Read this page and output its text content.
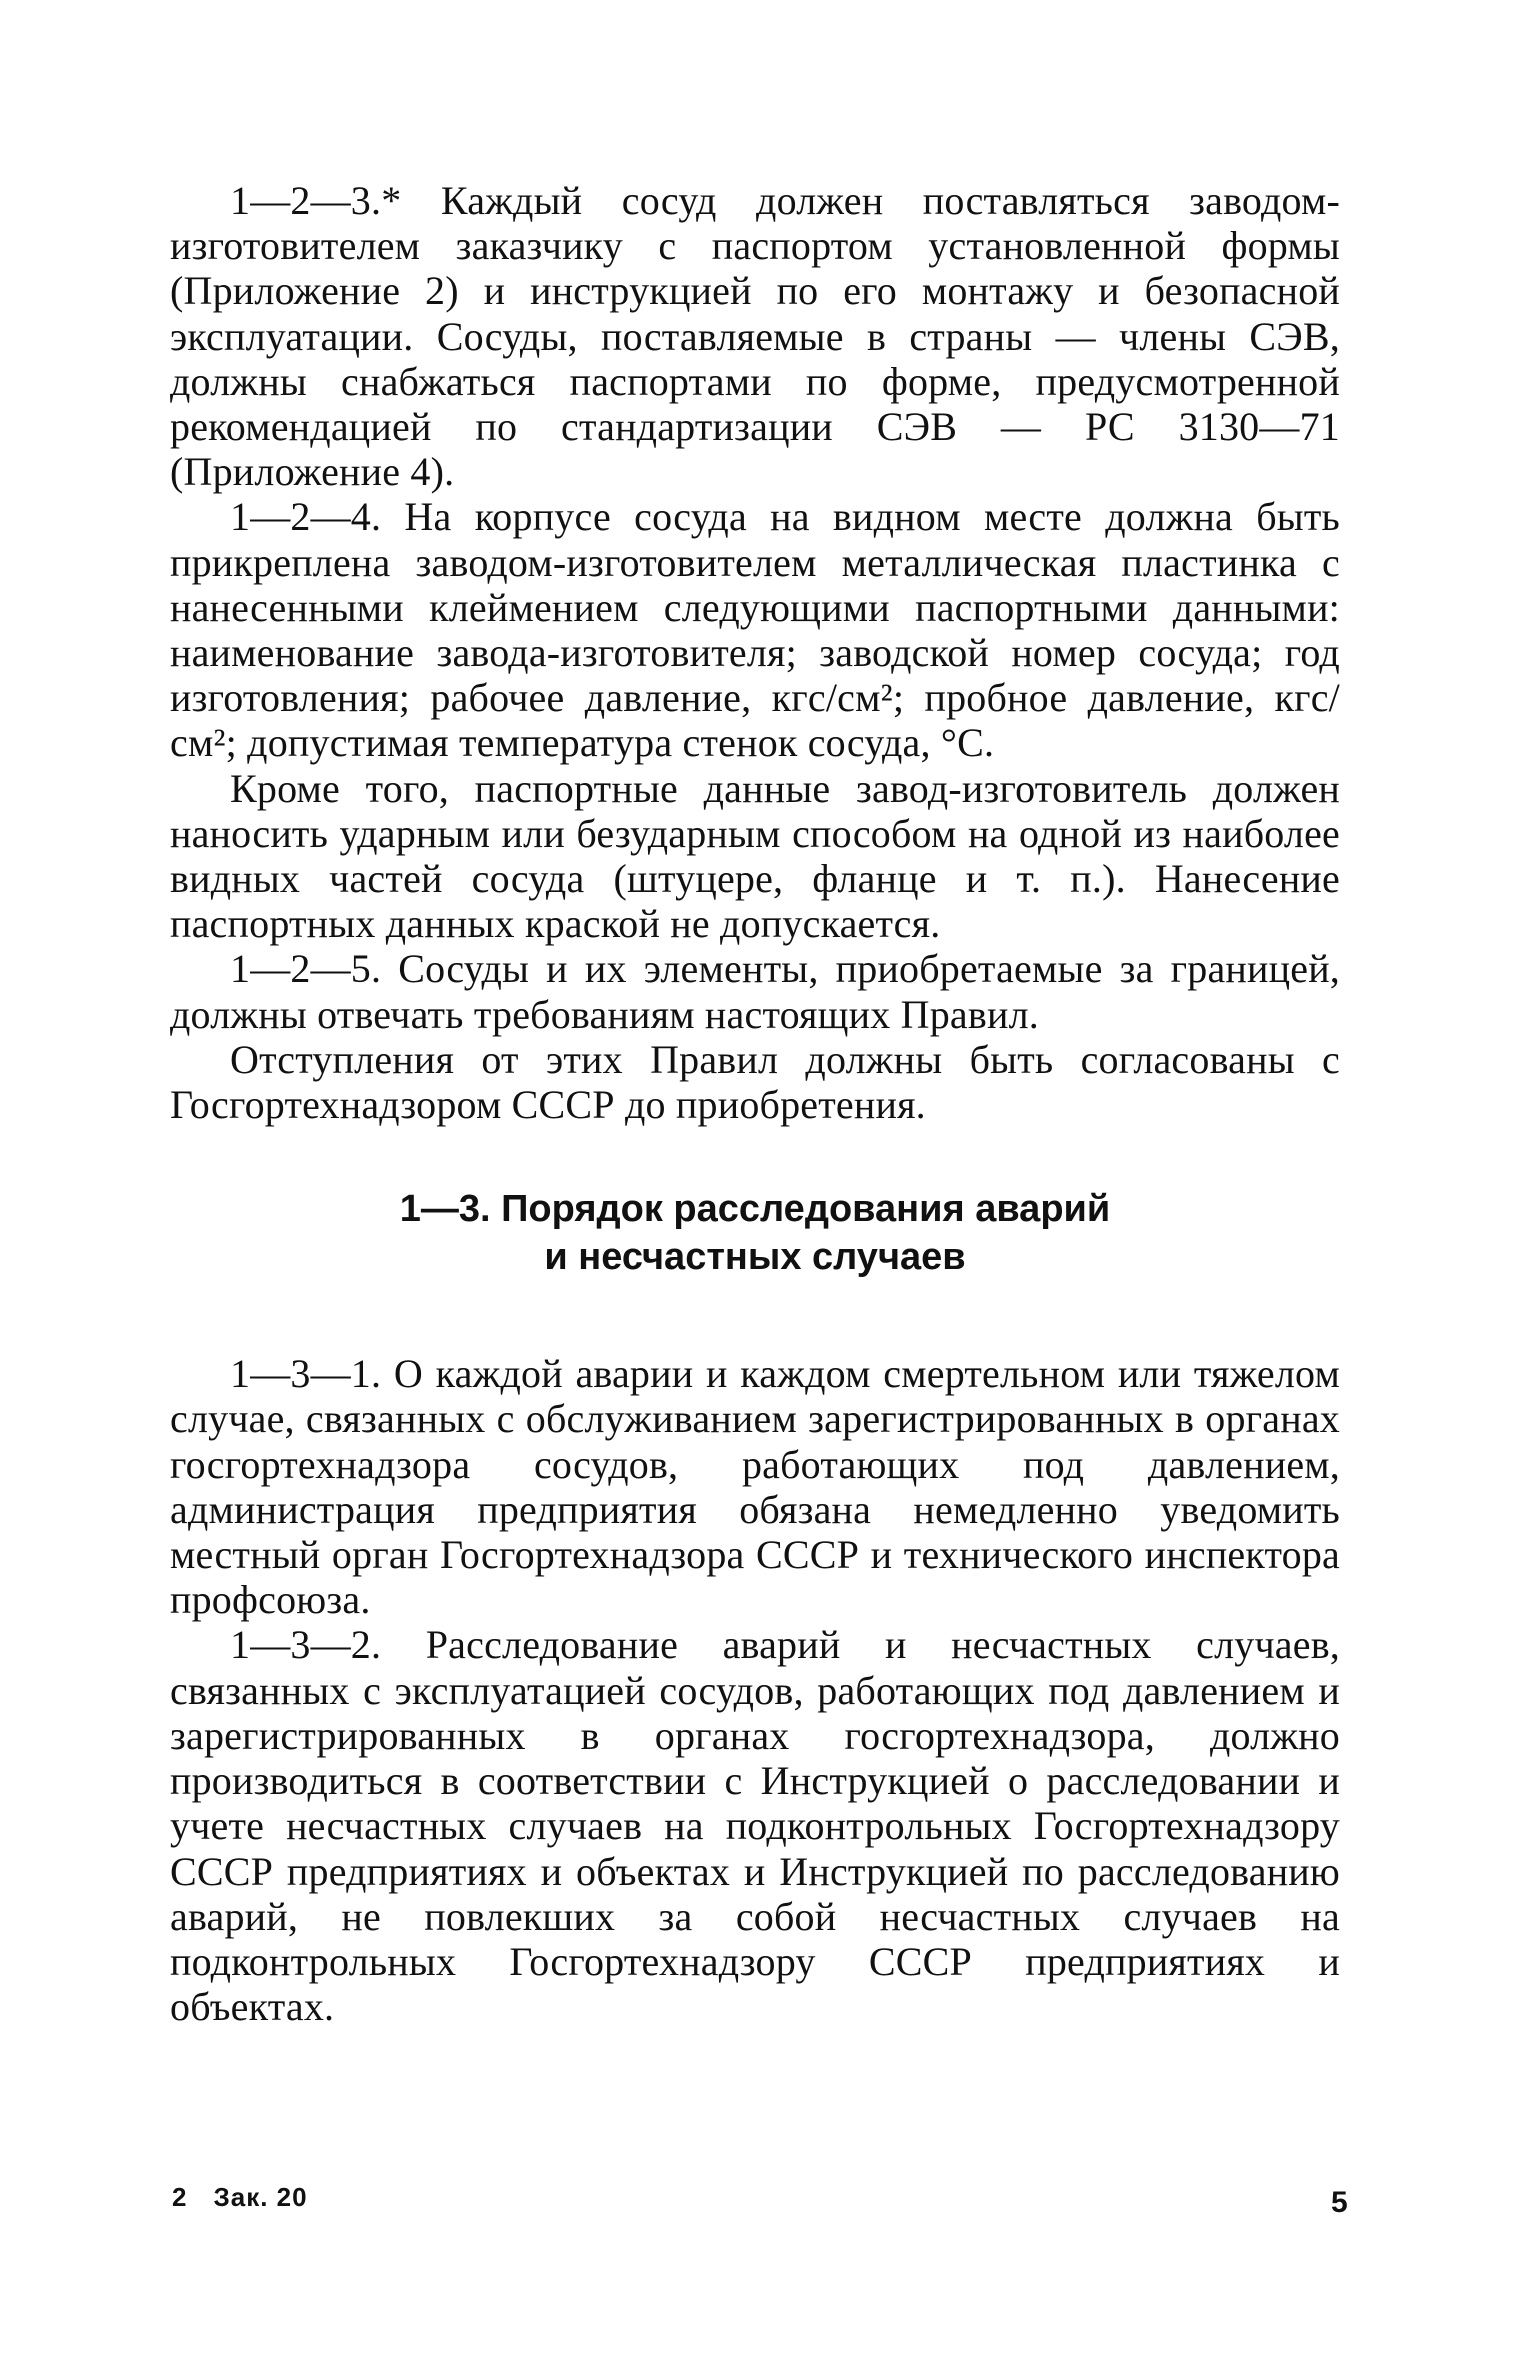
1—2—3.* Каждый сосуд должен поставляться заводом-изготовителем заказчику с паспортом установленной формы (Приложение 2) и инструкцией по его монтажу и безопасной эксплуатации. Сосуды, поставляемые в страны — члены СЭВ, должны снабжаться паспортами по форме, предусмотренной рекомендацией по стандартизации СЭВ — РС 3130—71 (Приложение 4).

1—2—4. На корпусе сосуда на видном месте должна быть прикреплена заводом-изготовителем металлическая пластинка с нанесенными клеймением следующими паспортными данными: наименование завода-изготовителя; заводской номер сосуда; год изготовления; рабочее давление, кгс/см²; пробное давление, кгс/см²; допустимая температура стенок сосуда, °С.

Кроме того, паспортные данные завод-изготовитель должен наносить ударным или безударным способом на одной из наиболее видных частей сосуда (штуцере, фланце и т. п.). Нанесение паспортных данных краской не допускается.

1—2—5. Сосуды и их элементы, приобретаемые за границей, должны отвечать требованиям настоящих Правил.

Отступления от этих Правил должны быть согласованы с Госгортехнадзором СССР до приобретения.

1—3. Порядок расследования аварий
и несчастных случаев

1—3—1. О каждой аварии и каждом смертельном или тяжелом случае, связанных с обслуживанием зарегистрированных в органах госгортехнадзора сосудов, работающих под давлением, администрация предприятия обязана немедленно уведомить местный орган Госгортехнадзора СССР и технического инспектора профсоюза.

1—3—2. Расследование аварий и несчастных случаев, связанных с эксплуатацией сосудов, работающих под давлением и зарегистрированных в органах госгортехнадзора, должно производиться в соответствии с Инструкцией о расследовании и учете несчастных случаев на подконтрольных Госгортехнадзору СССР предприятиях и объектах и Инструкцией по расследованию аварий, не повлекших за собой несчастных случаев на подконтрольных Госгортехнадзору СССР предприятиях и объектах.

2 Зак. 20	5
